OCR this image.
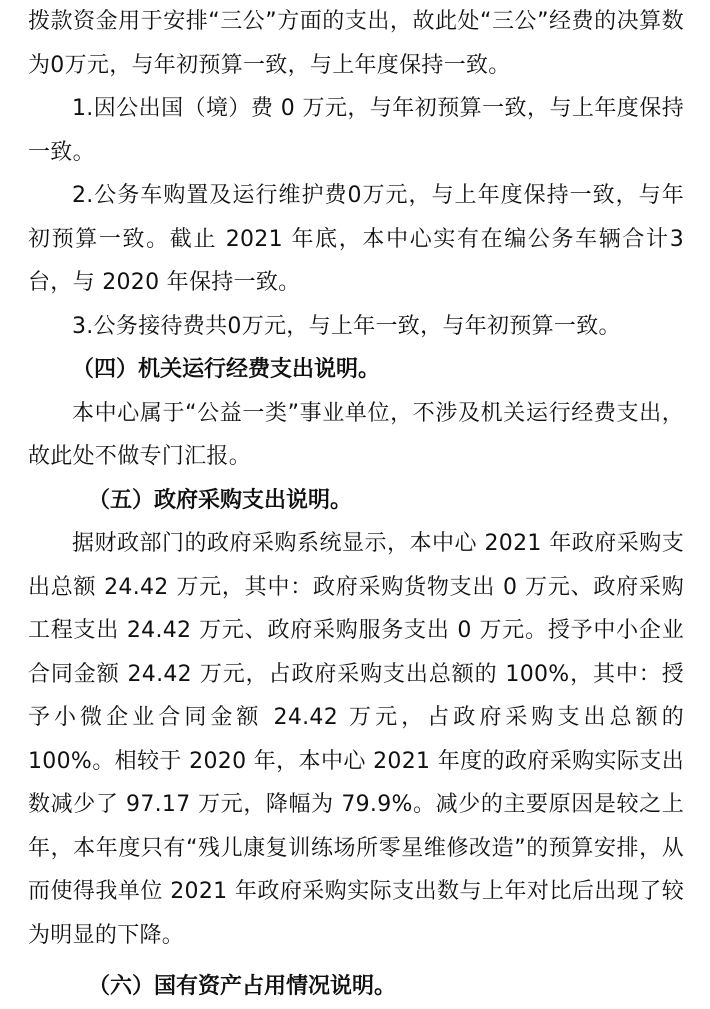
拨款资金用于安排“三公”方面的支出，故此处“三公”经费的决算数为0万元，与年初预算一致，与上年度保持一致。

1.因公出国（境）费 0 万元，与年初预算一致，与上年度保持一致。

2.公务车购置及运行维护费0万元，与上年度保持一致，与年初预算一致。截止 2021 年底，本中心实有在编公务车辆合计3台，与 2020 年保持一致。

3.公务接待费共0万元，与上年一致，与年初预算一致。

（四）机关运行经费支出说明。

本中心属于“公益一类”事业单位，不涉及机关运行经费支出，故此处不做专门汇报。

（五）政府采购支出说明。

据财政部门的政府采购系统显示，本中心 2021 年政府采购支出总额 24.42 万元，其中：政府采购货物支出 0 万元、政府采购工程支出 24.42 万元、政府采购服务支出 0 万元。授予中小企业合同金额 24.42 万元，占政府采购支出总额的 100%，其中：授予小微企业合同金额 24.42 万元，占政府采购支出总额的 100%。相较于 2020 年，本中心 2021 年度的政府采购实际支出数减少了 97.17 万元，降幅为 79.9%。减少的主要原因是较之上年，本年度只有“残儿康复训练场所零星维修改造”的预算安排，从而使得我单位 2021 年政府采购实际支出数与上年对比后出现了较为明显的下降。

（六）国有资产占用情况说明。
